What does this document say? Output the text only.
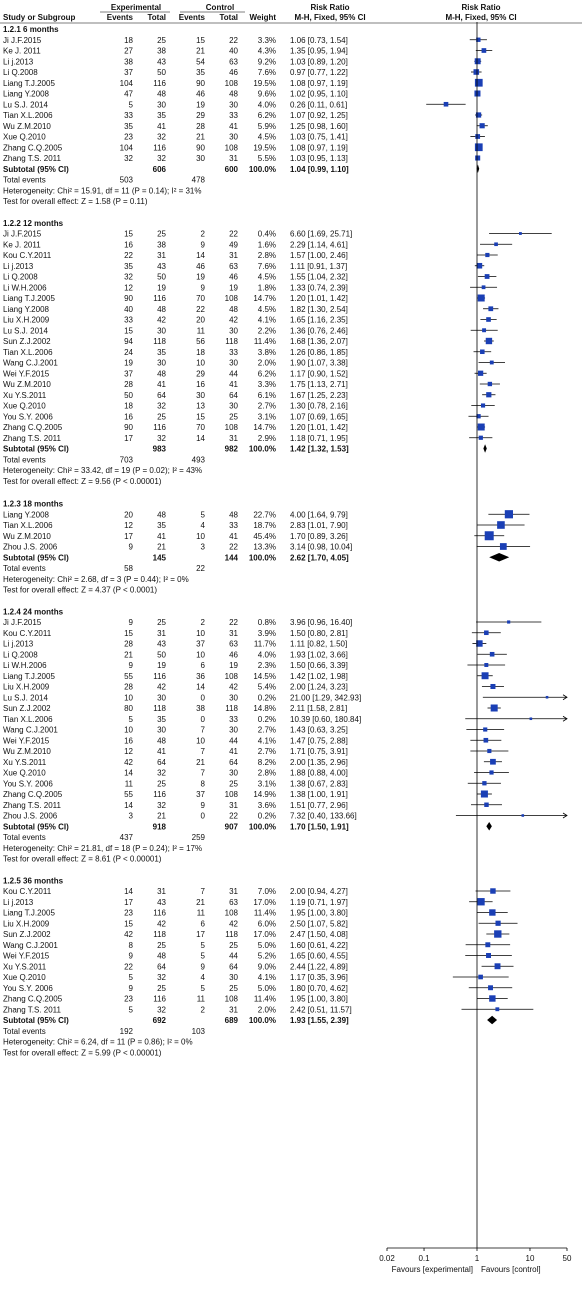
Study or Subgroup
Experimental	Control
Events Total Events Total Weight
Risk Ratio
M-H, Fixed, 95% CI
Risk Ratio
M-H, Fixed, 95% CI
1.2.1 6 months
Ji J.F.2015	18	25	15	22 3.3% 1.06 [0.73, 1.54]
Ke J. 2011	27	38	21	40 4.3% 1.35 [0.95, 1.94]
Li j.2013	38	43	54	63 9.2% 1.03 [0.89, 1.20]
Li Q.2008	37	50	35	46 7.6% 0.97 [0.77, 1.22]
Liang T.J.2005	104	116	90 108 19.5% 1.08 [0.97, 1.19]
Liang Y.2008	47	48	46	48 9.6% 1.02 [0.95, 1.10]
Lu S.J. 2014	5	30	19	30 4.0% 0.26 [0.11, 0.61]
Tian X.L.2006	33	35	29	33 6.2% 1.07 [0.92, 1.25]
Wu Z.M.2010	35	41	28	41 5.9% 1.25 [0.98, 1.60]
Xue Q.2010	23	32	21	30 4.5% 1.03 [0.75, 1.41]
Zhang C.Q.2005	104	116	90 108 19.5% 1.08 [0.97, 1.19]
Zhang T.S. 2011	32	32	30	31 5.5% 1.03 [0.95, 1.13]
Subtotal (95% CI)	606	600 100.0% 1.04 [0.99, 1.10]
Total events	503	478
Heterogeneity: Chi² = 15.91, df = 11 (P = 0.14); I² = 31%
Test for overall effect: Z = 1.58 (P = 0.11)
1.2.2 12 months
Ji J.F.2015	15	25	2	22 0.4% 6.60 [1.69, 25.71]
Ke J. 2011	16	38	9	49 1.6% 2.29 [1.14, 4.61]
Kou C.Y.2011	22	31	14	31 2.8% 1.57 [1.00, 2.46]
Li j.2013	35	43	46	63 7.6% 1.11 [0.91, 1.37]
Li Q.2008	32	50	19	46 4.5% 1.55 [1.04, 2.32]
Li W.H.2006	12	19	9	19 1.8% 1.33 [0.74, 2.39]
Liang T.J.2005	90	116	70 108 14.7% 1.20 [1.01, 1.42]
Liang Y.2008	40	48	22	48 4.5% 1.82 [1.30, 2.54]
Liu X.H.2009	33	42	20	42 4.1% 1.65 [1.16, 2.35]
Lu S.J. 2014	15	30	11	30 2.2% 1.36 [0.76, 2.46]
Sun Z.J.2002	94	118	56	118 11.4% 1.68 [1.36, 2.07]
Tian X.L.2006	24	35	18	33 3.8% 1.26 [0.86, 1.85]
Wang C.J.2001	19	30	10	30 2.0% 1.90 [1.07, 3.38]
Wei Y.F.2015	37	48	29	44 6.2% 1.17 [0.90, 1.52]
Wu Z.M.2010	28	41	16	41 3.3% 1.75 [1.13, 2.71]
Xu Y.S.2011	50	64	30	64 6.1% 1.67 [1.25, 2.23]
Xue Q.2010	18	32	13	30 2.7% 1.30 [0.78, 2.16]
You S.Y. 2006	16	25	15	25 3.1% 1.07 [0.69, 1.65]
Zhang C.Q.2005	90	116	70 108 14.7% 1.20 [1.01, 1.42]
Zhang T.S. 2011	17	32	14	31 2.9% 1.18 [0.71, 1.95]
Subtotal (95% CI)	983	982 100.0% 1.42 [1.32, 1.53]
Total events	703	493
Heterogeneity: Chi² = 33.42, df = 19 (P = 0.02); I² = 43%
Test for overall effect: Z = 9.56 (P < 0.00001)
1.2.3 18 months
Liang Y.2008	20	48	5	48 22.7% 4.00 [1.64, 9.79]
Tian X.L.2006	12	35	4	33 18.7% 2.83 [1.01, 7.90]
Wu Z.M.2010	17	41	10	41 45.4% 1.70 [0.89, 3.26]
Zhou J.S. 2006	9	21	3	22 13.3% 3.14 [0.98, 10.04]
Subtotal (95% CI)	145	144 100.0% 2.62 [1.70, 4.05]
Total events	58	22
Heterogeneity: Chi² = 2.68, df = 3 (P = 0.44); I² = 0%
Test for overall effect: Z = 4.37 (P < 0.0001)
1.2.4 24 months
Ji J.F.2015	9	25	2	22 0.8% 3.96 [0.96, 16.40]
Kou C.Y.2011	15	31	10	31 3.9% 1.50 [0.80, 2.81]
Li j.2013	28	43	37	63 11.7% 1.11 [0.82, 1.50]
Li Q.2008	21	50	10	46 4.0% 1.93 [1.02, 3.66]
Li W.H.2006	9	19	6	19 2.3% 1.50 [0.66, 3.39]
Liang T.J.2005	55	116	36 108 14.5% 1.42 [1.02, 1.98]
Liu X.H.2009	28	42	14	42 5.4% 2.00 [1.24, 3.23]
Lu S.J. 2014	10	30	0	30 0.2% 21.00 [1.29, 342.93]
Sun Z.J.2002	80	118	38	118 14.8% 2.11 [1.58, 2.81]
Tian X.L.2006	5	35	0	33 0.2% 10.39 [0.60, 180.84]
Wang C.J.2001	10	30	7	30 2.7% 1.43 [0.63, 3.25]
Wei Y.F.2015	16	48	10	44 4.1% 1.47 [0.75, 2.88]
Wu Z.M.2010	12	41	7	41 2.7% 1.71 [0.75, 3.91]
Xu Y.S.2011	42	64	21	64 8.2% 2.00 [1.35, 2.96]
Xue Q.2010	14	32	7	30 2.8% 1.88 [0.88, 4.00]
You S.Y. 2006	11	25	8	25 3.1% 1.38 [0.67, 2.83]
Zhang C.Q.2005	55	116	37 108 14.9% 1.38 [1.00, 1.91]
Zhang T.S. 2011	14	32	9	31 3.6% 1.51 [0.77, 2.96]
Zhou J.S. 2006	3	21	0	22 0.2% 7.32 [0.40, 133.66]
Subtotal (95% CI)	918	907 100.0% 1.70 [1.50, 1.91]
Total events	437	259
Heterogeneity: Chi² = 21.81, df = 18 (P = 0.24); I² = 17%
Test for overall effect: Z = 8.61 (P < 0.00001)
1.2.5 36 months
Kou C.Y.2011	14	31	7	31 7.0% 2.00 [0.94, 4.27]
Li j.2013	17	43	21	63 17.0% 1.19 [0.71, 1.97]
Liang T.J.2005	23	116	11 108 11.4% 1.95 [1.00, 3.80]
Liu X.H.2009	15	42	6	42 6.0% 2.50 [1.07, 5.82]
Sun Z.J.2002	42	118	17	118 17.0% 2.47 [1.50, 4.08]
Wang C.J.2001	8	25	5	25 5.0% 1.60 [0.61, 4.22]
Wei Y.F.2015	9	48	5	44 5.2% 1.65 [0.60, 4.55]
Xu Y.S.2011	22	64	9	64 9.0% 2.44 [1.22, 4.89]
Xue Q.2010	5	32	4	30 4.1% 1.17 [0.35, 3.96]
You S.Y. 2006	9	25	5	25 5.0% 1.80 [0.70, 4.62]
Zhang C.Q.2005	23	116	11 108 11.4% 1.95 [1.00, 3.80]
Zhang T.S. 2011	5	32	2	31 2.0% 2.42 [0.51, 11.57]
Subtotal (95% CI)	692	689 100.0% 1.93 [1.55, 2.39]
Total events	192	103
Heterogeneity: Chi² = 6.24, df = 11 (P = 0.86); I² = 0%
Test for overall effect: Z = 5.99 (P < 0.00001)
0.02	0.1	1	10	50
Favours [experimental] Favours [control]
